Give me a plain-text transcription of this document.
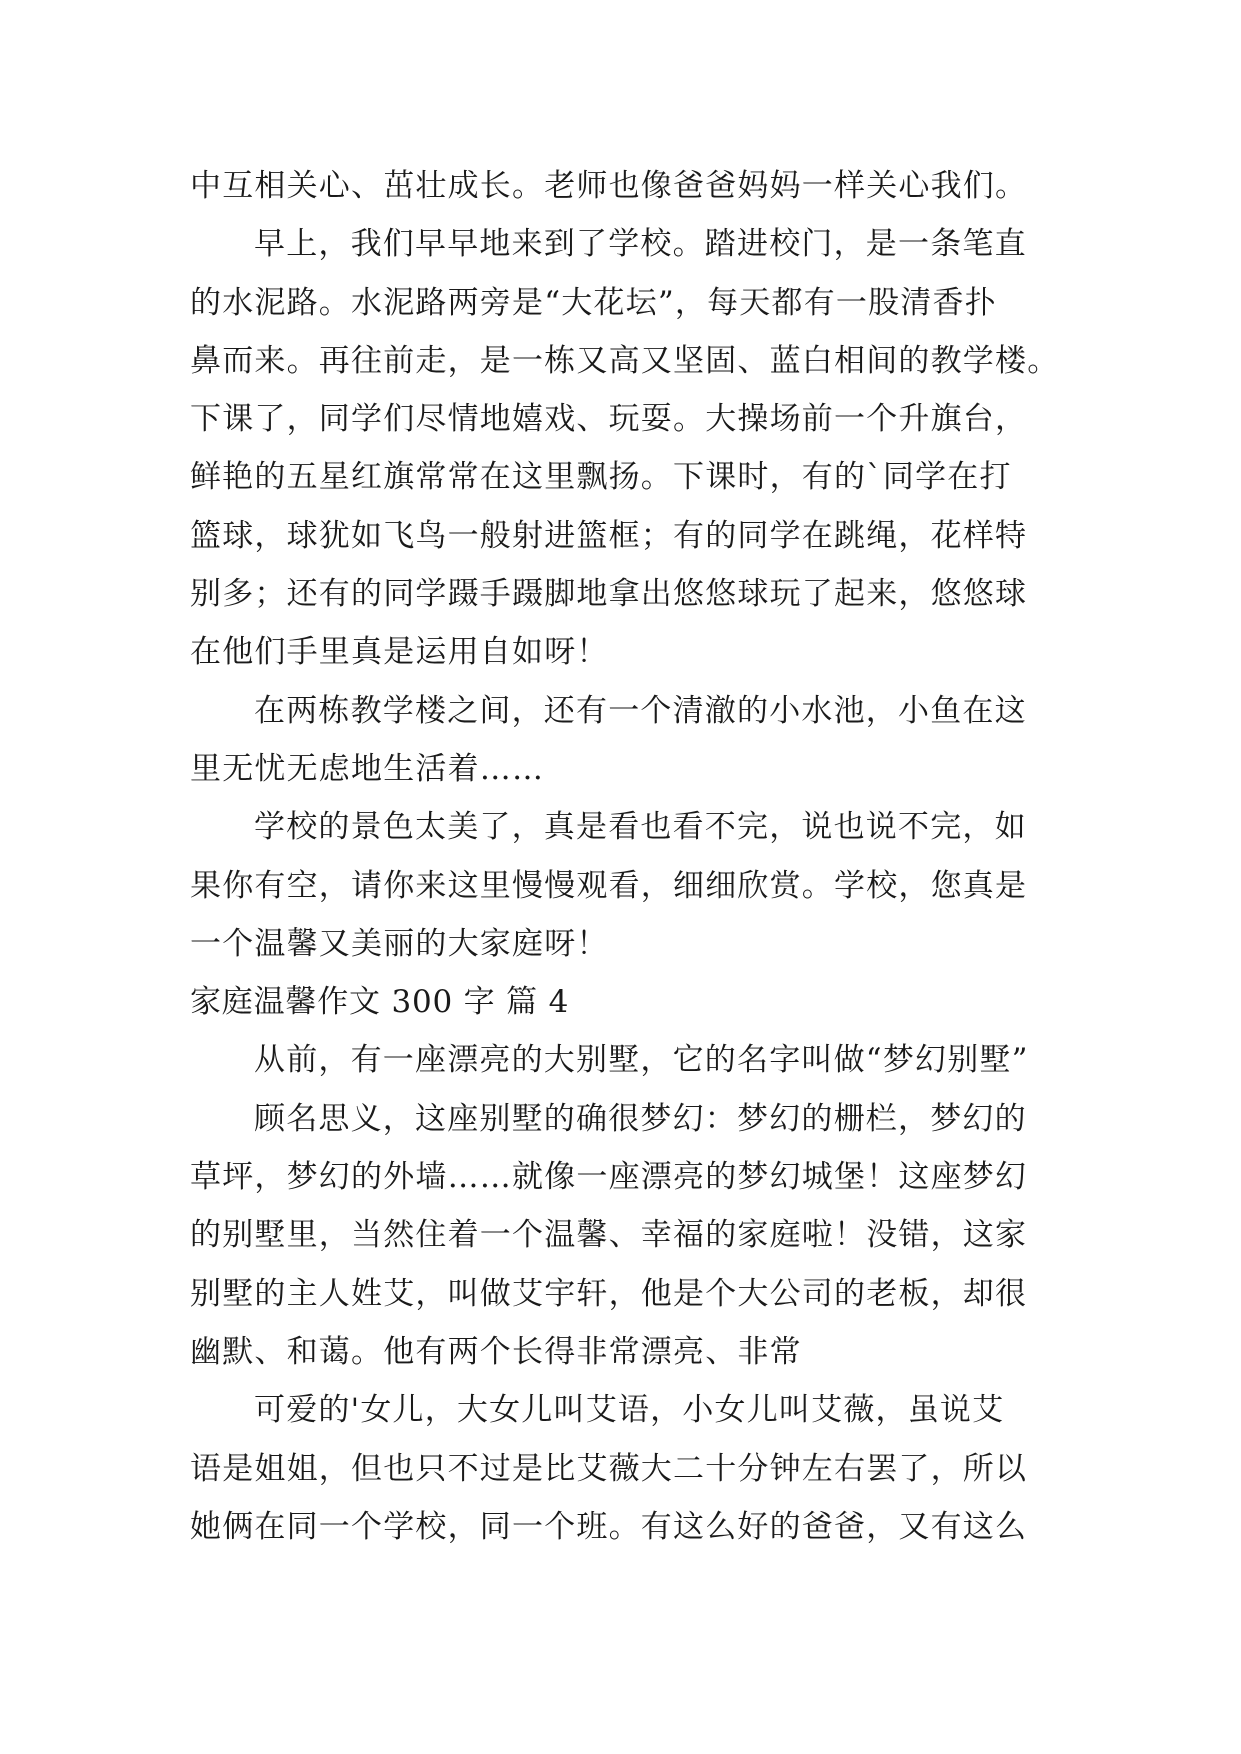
中互相关心、茁壮成长。老师也像爸爸妈妈一样关心我们。
早上，我们早早地来到了学校。踏进校门，是一条笔直
的水泥路。水泥路两旁是“大花坛”，每天都有一股清香扑
鼻而来。再往前走，是一栋又高又坚固、蓝白相间的教学楼。
下课了，同学们尽情地嬉戏、玩耍。大操场前一个升旗台，
鲜艳的五星红旗常常在这里飘扬。下课时，有的`同学在打
篮球，球犹如飞鸟一般射进篮框；有的同学在跳绳，花样特
别多；还有的同学蹑手蹑脚地拿出悠悠球玩了起来，悠悠球
在他们手里真是运用自如呀！
在两栋教学楼之间，还有一个清澈的小水池，小鱼在这
里无忧无虑地生活着……
学校的景色太美了，真是看也看不完，说也说不完，如
果你有空，请你来这里慢慢观看，细细欣赏。学校，您真是
一个温馨又美丽的大家庭呀！
家庭温馨作文 300 字 篇 4
从前，有一座漂亮的大别墅，它的名字叫做“梦幻别墅”
顾名思义，这座别墅的确很梦幻：梦幻的栅栏，梦幻的
草坪，梦幻的外墙……就像一座漂亮的梦幻城堡！这座梦幻
的别墅里，当然住着一个温馨、幸福的家庭啦！没错，这家
别墅的主人姓艾，叫做艾宇轩，他是个大公司的老板，却很
幽默、和蔼。他有两个长得非常漂亮、非常
可爱的'女儿，大女儿叫艾语，小女儿叫艾薇，虽说艾
语是姐姐，但也只不过是比艾薇大二十分钟左右罢了，所以
她俩在同一个学校，同一个班。有这么好的爸爸，又有这么
